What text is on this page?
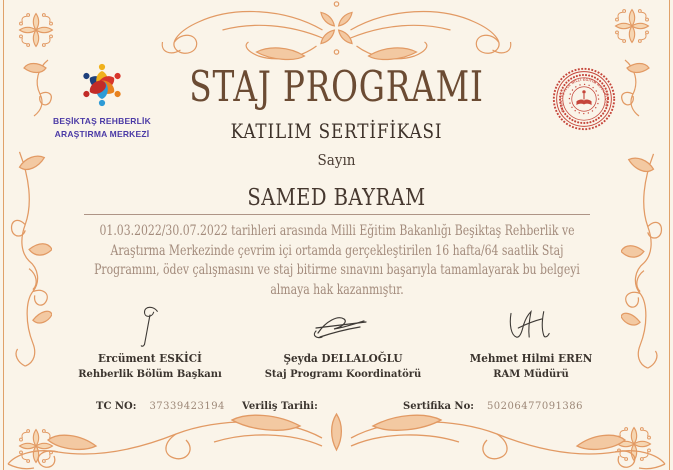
BEŞİKTAŞ REHBERLİK
ARAŞTIRMA MERKEZİ
BEŞİKTAŞ İLÇE MİLLİ EĞİTİM MÜDÜRLÜĞÜ
STAJ PROGRAMI
KATILIM SERTİFİKASI
Sayın
SAMED BAYRAM
01.03.2022/30.07.2022 tarihleri arasında Milli Eğitim Bakanlığı Beşiktaş Rehberlik ve Araştırma Merkezinde çevrim içi ortamda gerçekleştirilen 16 hafta/64 saatlik Staj Programını, ödev çalışmasını ve staj bitirme sınavını başarıyla tamamlayarak bu belgeyi almaya hak kazanmıştır.
Ercüment ESKİCİ
Rehberlik Bölüm Başkanı
Şeyda DELLALOĞLU
Staj Programı Koordinatörü
Mehmet Hilmi EREN
RAM Müdürü
TC NO: 37339423194 Veriliş Tarihi:	Sertifika No: 50206477091386
